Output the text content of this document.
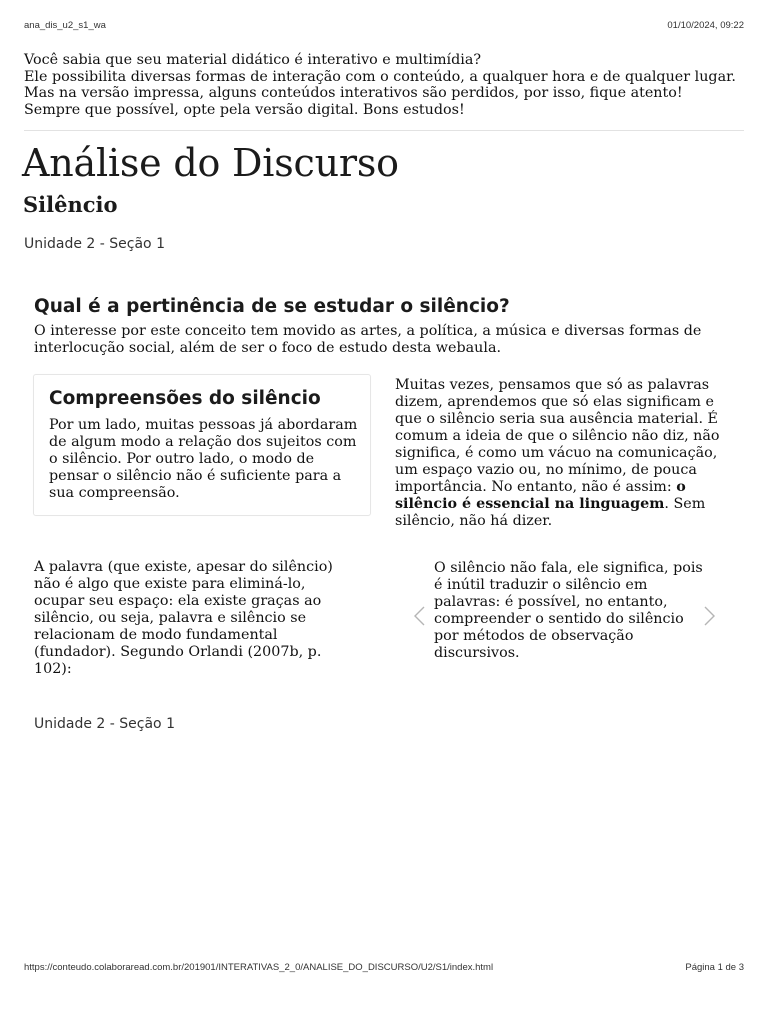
ana_dis_u2_s1_wa	01/10/2024, 09:22

Você sabia que seu material didático é interativo e multimídia?

Ele possibilita diversas formas de interação com o conteúdo, a qualquer hora e de qualquer lugar. Mas na versão impressa, alguns conteúdos interativos são perdidos, por isso, fique atento! Sempre que possível, opte pela versão digital. Bons estudos!

Análise do Discurso
Silêncio
Unidade 2 - Seção 1
Qual é a pertinência de se estudar o silêncio?

O interesse por este conceito tem movido as artes, a política, a música e diversas formas de interlocução social, além de ser o foco de estudo desta webaula.

Compreensões do silêncio

Por um lado, muitas pessoas já abordaram de algum modo a relação dos sujeitos com o silêncio. Por outro lado, o modo de pensar o silêncio não é suficiente para a sua compreensão.

Muitas vezes, pensamos que só as palavras dizem, aprendemos que só elas significam e que o silêncio seria sua ausência material. É comum a ideia de que o silêncio não diz, não significa, é como um vácuo na comunicação, um espaço vazio ou, no mínimo, de pouca importância. No entanto, não é assim: o silêncio é essencial na linguagem. Sem silêncio, não há dizer.

A palavra (que existe, apesar do silêncio) não é algo que existe para eliminá-lo, ocupar seu espaço: ela existe graças ao silêncio, ou seja, palavra e silêncio se relacionam de modo fundamental (fundador). Segundo Orlandi (2007b, p. 102):

O silêncio não fala, ele significa, pois é inútil traduzir o silêncio em palavras: é possível, no entanto, compreender o sentido do silêncio por métodos de observação discursivos.

Unidade 2 - Seção 1
https://conteudo.colaboraread.com.br/201901/INTERATIVAS_2_0/ANALISE_DO_DISCURSO/U2/S1/index.html	Página 1 de 3
